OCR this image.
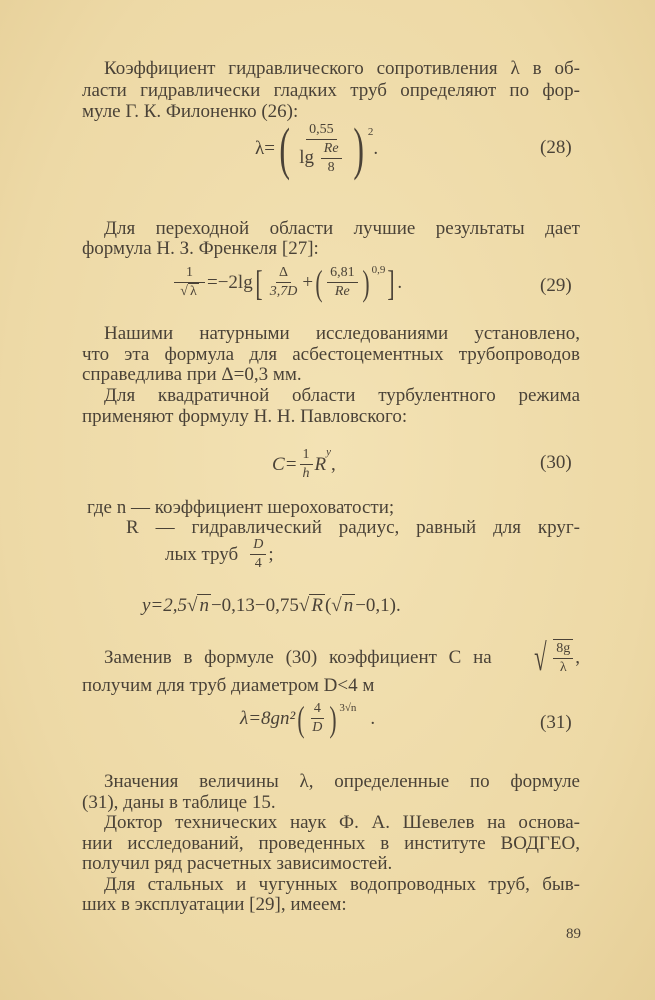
Коэффициент гидравлического сопротивления λ в об-
ласти гидравлически гладких труб определяют по фор-
муле Г. К. Филоненко (26):
λ= ( $\frac{0,55}{\lg \frac{Re}{8}}$ ) $^2$
.	(28)
Для переходной области лучшие результаты дает
формула Н. З. Френкеля [27]:
$\frac{1}{√ \lambda} =-2\lg$ [ $\frac{\Delta}{3,7D}$ + ( $\frac{6,81}{Re} )^{0,9}$ ] .	(29)
Нашими натурными исследованиями установлено,
что эта формула для асбестоцементных трубопроводов
справедлива при Δ=0,3 мм.
Для квадратичной области турбулентного режима
применяют формулу Н. Н. Павловского:
$C= \frac{1}{h}$ R
$^y$
,	(30)
где n — коэффициент шероховатости;
R — гидравлический радиус, равный для круг-
лых труб $\frac{D}{4}$ ;
y=2,5 √ n −0,13−0,75 √ R ( √ n −0,1).
Заменив в формуле (30) коэффициент C на √ $\frac{8g}{\lambda}$ ,
получим для труб диаметром D<4 м
λ=8gn² ( $\frac{4}{D} )^{3√n}$ .	(31)
Значения величины λ, определенные по формуле
(31), даны в таблице 15.
Доктор технических наук Ф. А. Шевелев на основа-
нии исследований, проведенных в институте ВОДГЕО,
получил ряд расчетных зависимостей.
Для стальных и чугунных водопроводных труб, быв-
ших в эксплуатации [29], имеем:
89
